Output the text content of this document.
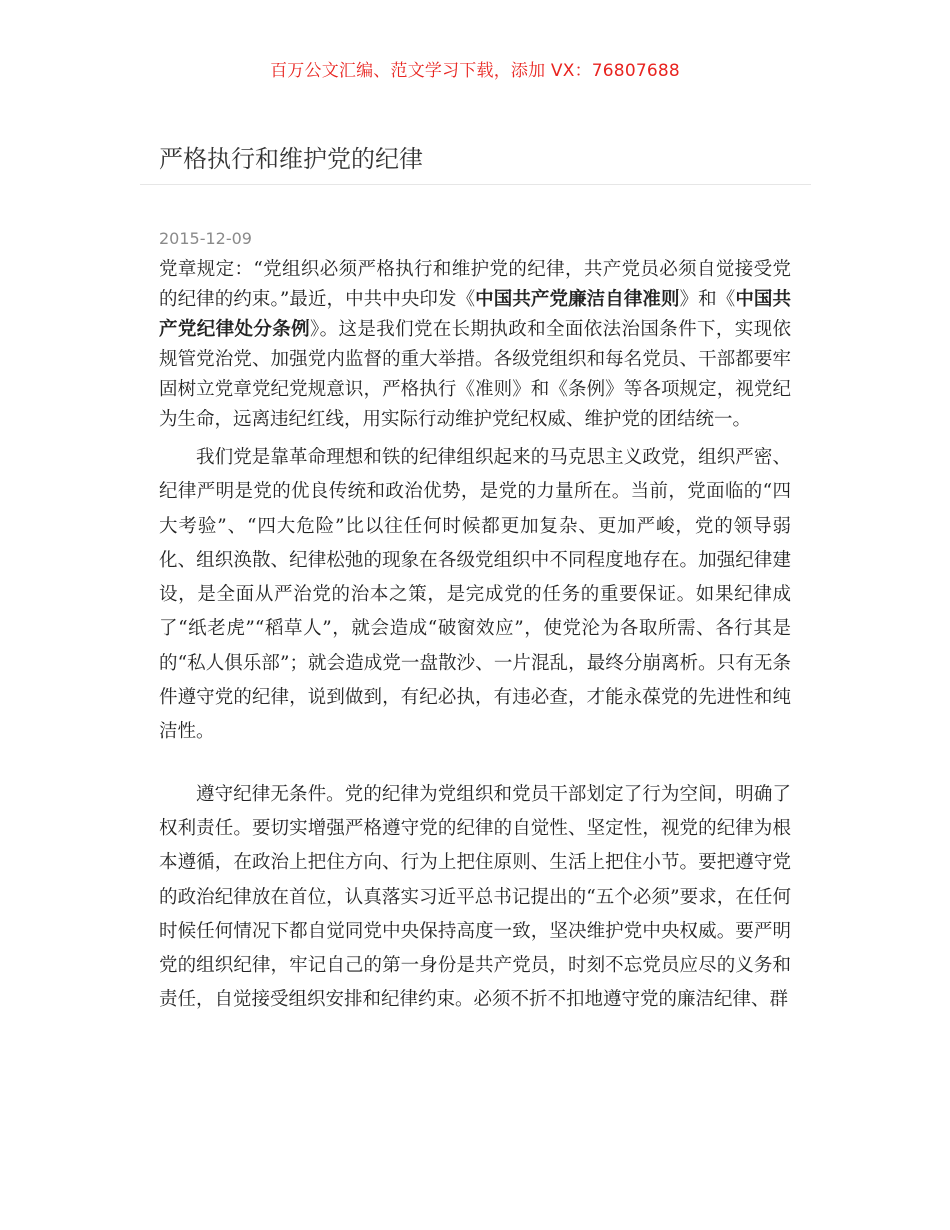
百万公文汇编、范文学习下载，添加 VX：76807688
严格执行和维护党的纪律
2015-12-09

党章规定：“党组织必须严格执行和维护党的纪律，共产党员必须自觉接受党的纪律的约束。”最近，中共中央印发《中国共产党廉洁自律准则》和《中国共产党纪律处分条例》。这是我们党在长期执政和全面依法治国条件下，实现依规管党治党、加强党内监督的重大举措。各级党组织和每名党员、干部都要牢固树立党章党纪党规意识，严格执行《准则》和《条例》等各项规定，视党纪为生命，远离违纪红线，用实际行动维护党纪权威、维护党的团结统一。

我们党是靠革命理想和铁的纪律组织起来的马克思主义政党，组织严密、纪律严明是党的优良传统和政治优势，是党的力量所在。当前，党面临的“四大考验”、“四大危险”比以往任何时候都更加复杂、更加严峻，党的领导弱化、组织涣散、纪律松弛的现象在各级党组织中不同程度地存在。加强纪律建设，是全面从严治党的治本之策，是完成党的任务的重要保证。如果纪律成了“纸老虎”“稻草人”，就会造成“破窗效应”，使党沦为各取所需、各行其是的“私人俱乐部”；就会造成党一盘散沙、一片混乱，最终分崩离析。只有无条件遵守党的纪律，说到做到，有纪必执，有违必查，才能永葆党的先进性和纯洁性。

遵守纪律无条件。党的纪律为党组织和党员干部划定了行为空间，明确了权利责任。要切实增强严格遵守党的纪律的自觉性、坚定性，视党的纪律为根本遵循，在政治上把住方向、行为上把住原则、生活上把住小节。要把遵守党的政治纪律放在首位，认真落实习近平总书记提出的“五个必须”要求，在任何时候任何情况下都自觉同党中央保持高度一致，坚决维护党中央权威。要严明党的组织纪律，牢记自己的第一身份是共产党员，时刻不忘党员应尽的义务和责任，自觉接受组织安排和纪律约束。必须不折不扣地遵守党的廉洁纪律、群
